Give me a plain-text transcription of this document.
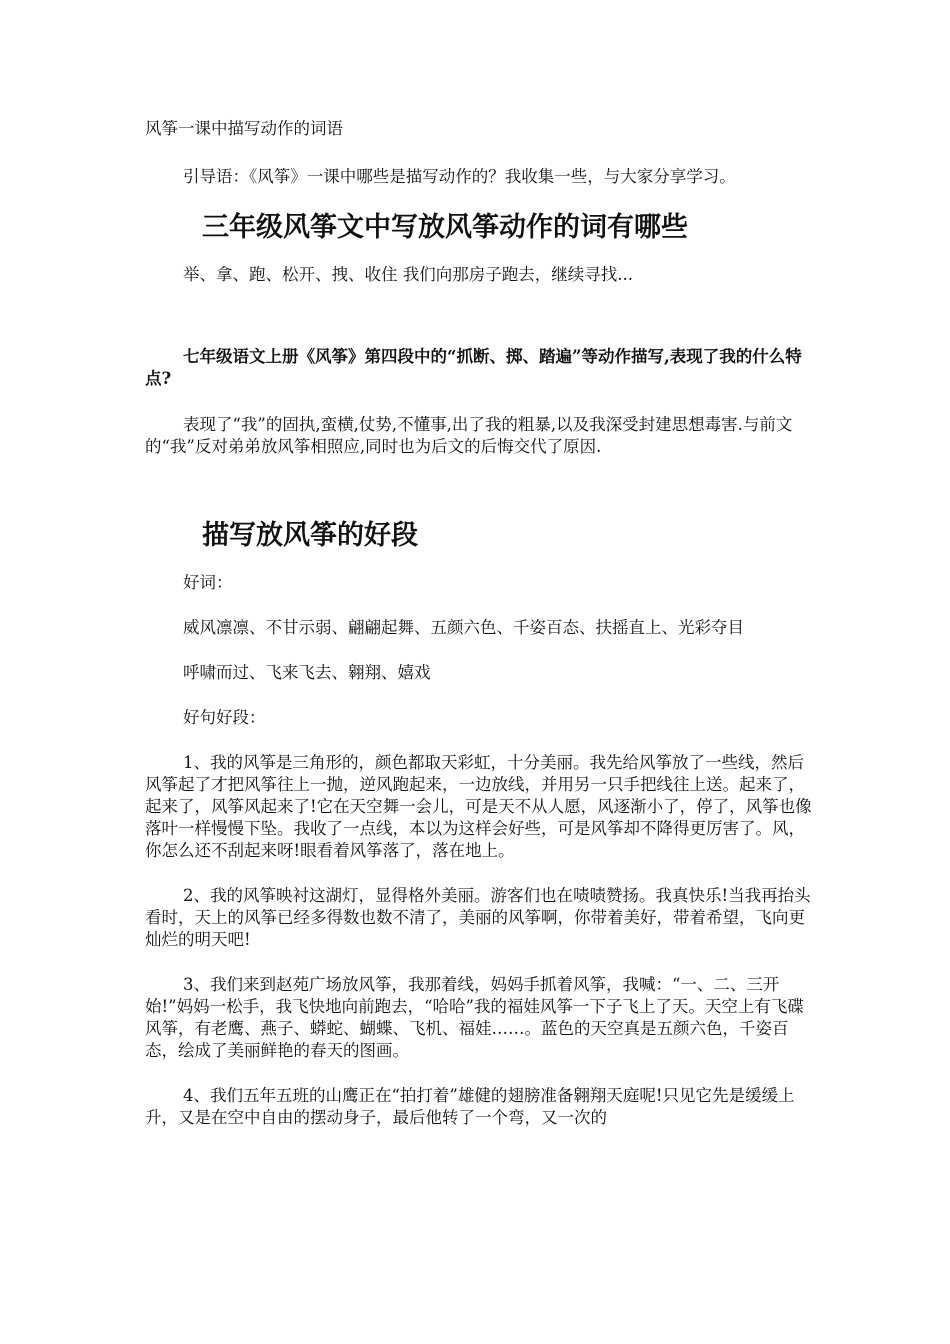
风筝一课中描写动作的词语

引导语：《风筝》一课中哪些是描写动作的？我收集一些，与大家分享学习。

三年级风筝文中写放风筝动作的词有哪些

举、拿、跑、松开、拽、收住 我们向那房子跑去，继续寻找...

七年级语文上册《风筝》第四段中的“抓断、掷、踏遍”等动作描写,表现了我的什么特点?

表现了“我”的固执,蛮横,仗势,不懂事,出了我的粗暴,以及我深受封建思想毒害.与前文的“我”反对弟弟放风筝相照应,同时也为后文的后悔交代了原因.

描写放风筝的好段

好词：

威风凛凛、不甘示弱、翩翩起舞、五颜六色、千姿百态、扶摇直上、光彩夺目

呼啸而过、飞来飞去、翱翔、嬉戏

好句好段：

1、我的风筝是三角形的，颜色都取天彩虹，十分美丽。我先给风筝放了一些线，然后风筝起了才把风筝往上一抛，逆风跑起来，一边放线，并用另一只手把线往上送。起来了，起来了，风筝风起来了!它在天空舞一会儿，可是天不从人愿，风逐渐小了，停了，风筝也像落叶一样慢慢下坠。我收了一点线，本以为这样会好些，可是风筝却不降得更厉害了。风，你怎么还不刮起来呀!眼看着风筝落了，落在地上。

2、我的风筝映衬这湖灯，显得格外美丽。游客们也在啧啧赞扬。我真快乐!当我再抬头看时，天上的风筝已经多得数也数不清了，美丽的风筝啊，你带着美好，带着希望，飞向更灿烂的明天吧!

3、我们来到赵苑广场放风筝，我那着线，妈妈手抓着风筝，我喊：“一、二、三开始!”妈妈一松手，我飞快地向前跑去，“哈哈”我的福娃风筝一下子飞上了天。天空上有飞碟风筝，有老鹰、燕子、蟒蛇、蝴蝶、飞机、福娃……。蓝色的天空真是五颜六色，千姿百态，绘成了美丽鲜艳的春天的图画。

4、我们五年五班的山鹰正在“拍打着”雄健的翅膀准备翱翔天庭呢!只见它先是缓缓上升，又是在空中自由的摆动身子，最后他转了一个弯，又一次的
